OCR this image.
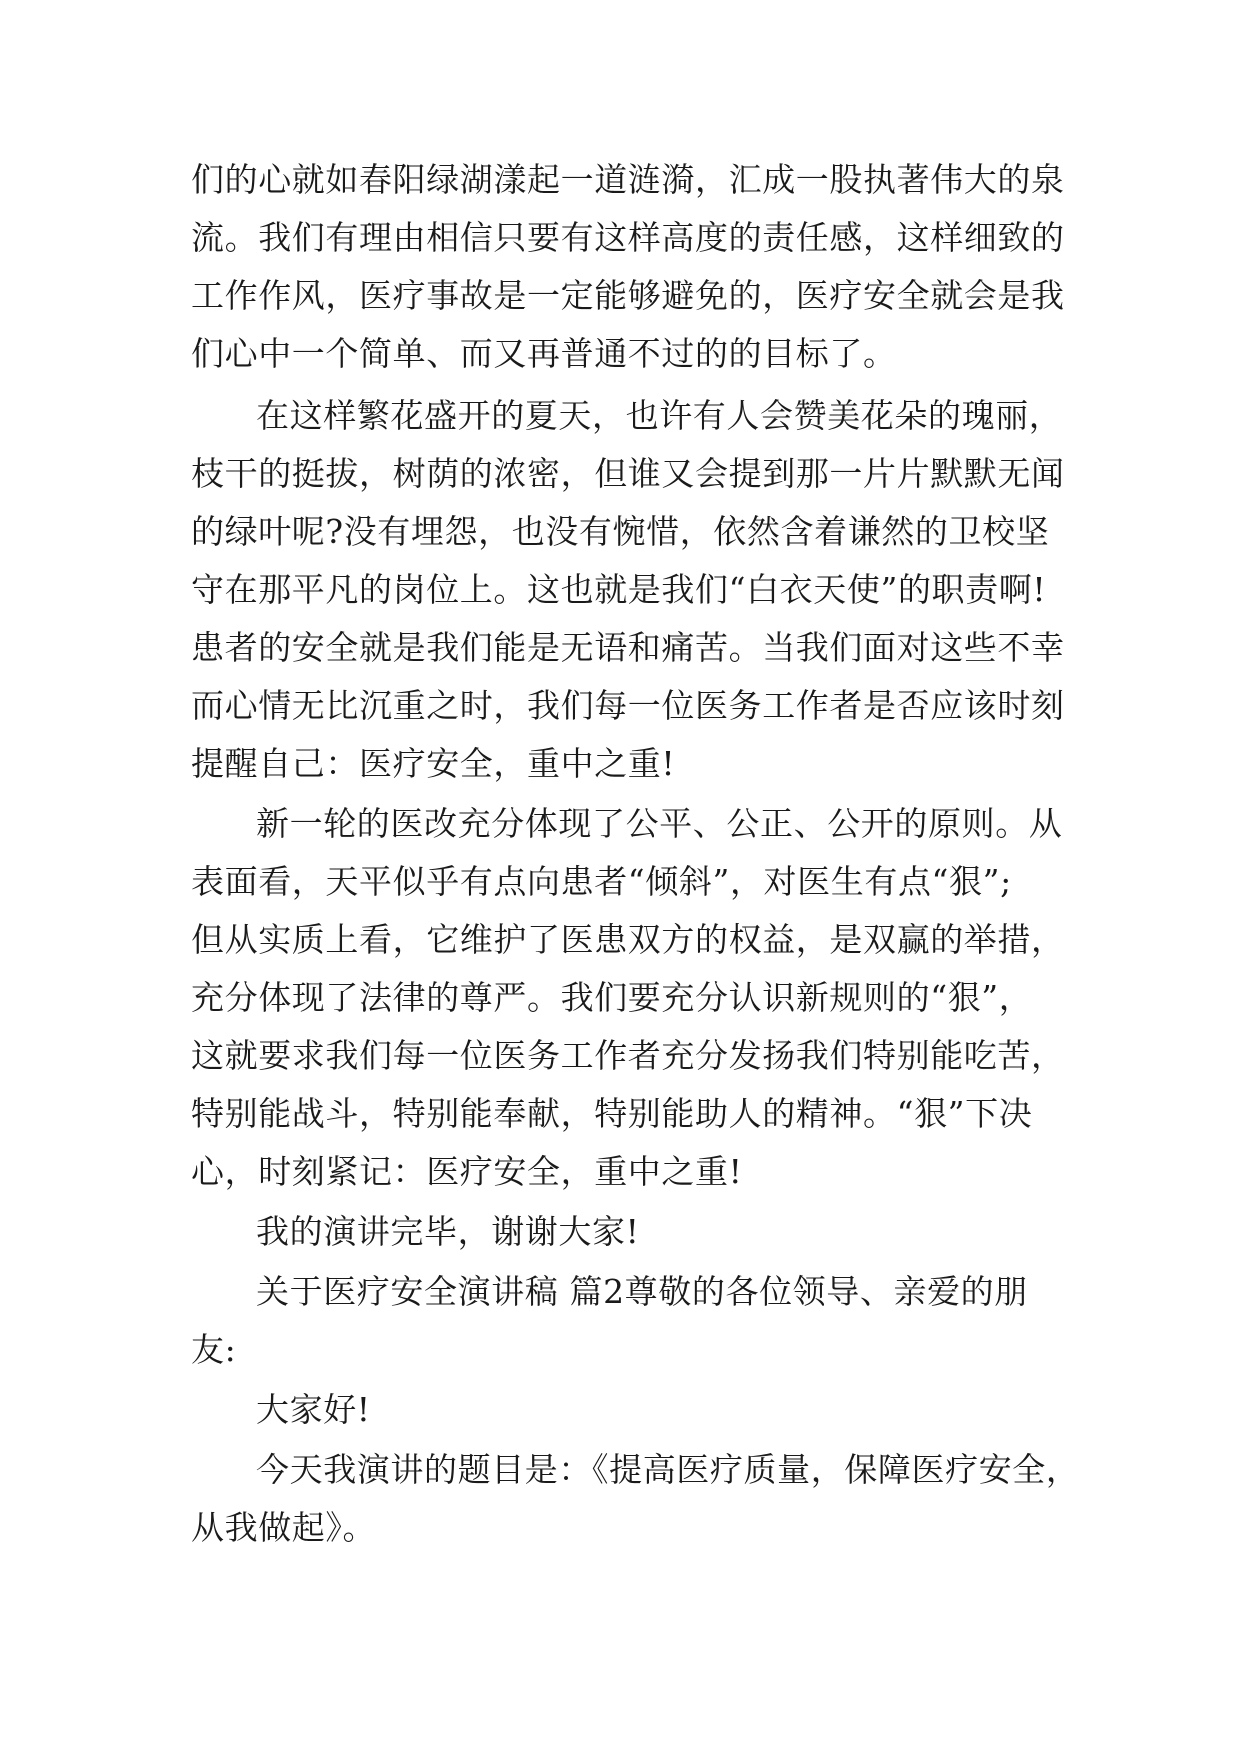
们的心就如春阳绿湖漾起一道涟漪，汇成一股执著伟大的泉
流。我们有理由相信只要有这样高度的责任感，这样细致的
工作作风，医疗事故是一定能够避免的，医疗安全就会是我
们心中一个简单、而又再普通不过的的目标了。
在这样繁花盛开的夏天，也许有人会赞美花朵的瑰丽，
枝干的挺拔，树荫的浓密，但谁又会提到那一片片默默无闻
的绿叶呢?没有埋怨，也没有惋惜，依然含着谦然的卫校坚
守在那平凡的岗位上。这也就是我们“白衣天使”的职责啊!
患者的安全就是我们能是无语和痛苦。当我们面对这些不幸
而心情无比沉重之时，我们每一位医务工作者是否应该时刻
提醒自己：医疗安全，重中之重!
新一轮的医改充分体现了公平、公正、公开的原则。从
表面看，天平似乎有点向患者“倾斜”，对医生有点“狠”;
但从实质上看，它维护了医患双方的权益，是双赢的举措，
充分体现了法律的尊严。我们要充分认识新规则的“狠”，
这就要求我们每一位医务工作者充分发扬我们特别能吃苦，
特别能战斗，特别能奉献，特别能助人的精神。“狠”下决
心，时刻紧记：医疗安全，重中之重!
我的演讲完毕，谢谢大家!
关于医疗安全演讲稿 篇2尊敬的各位领导、亲爱的朋
友:
大家好!
今天我演讲的题目是：《提高医疗质量，保障医疗安全，
从我做起》。
